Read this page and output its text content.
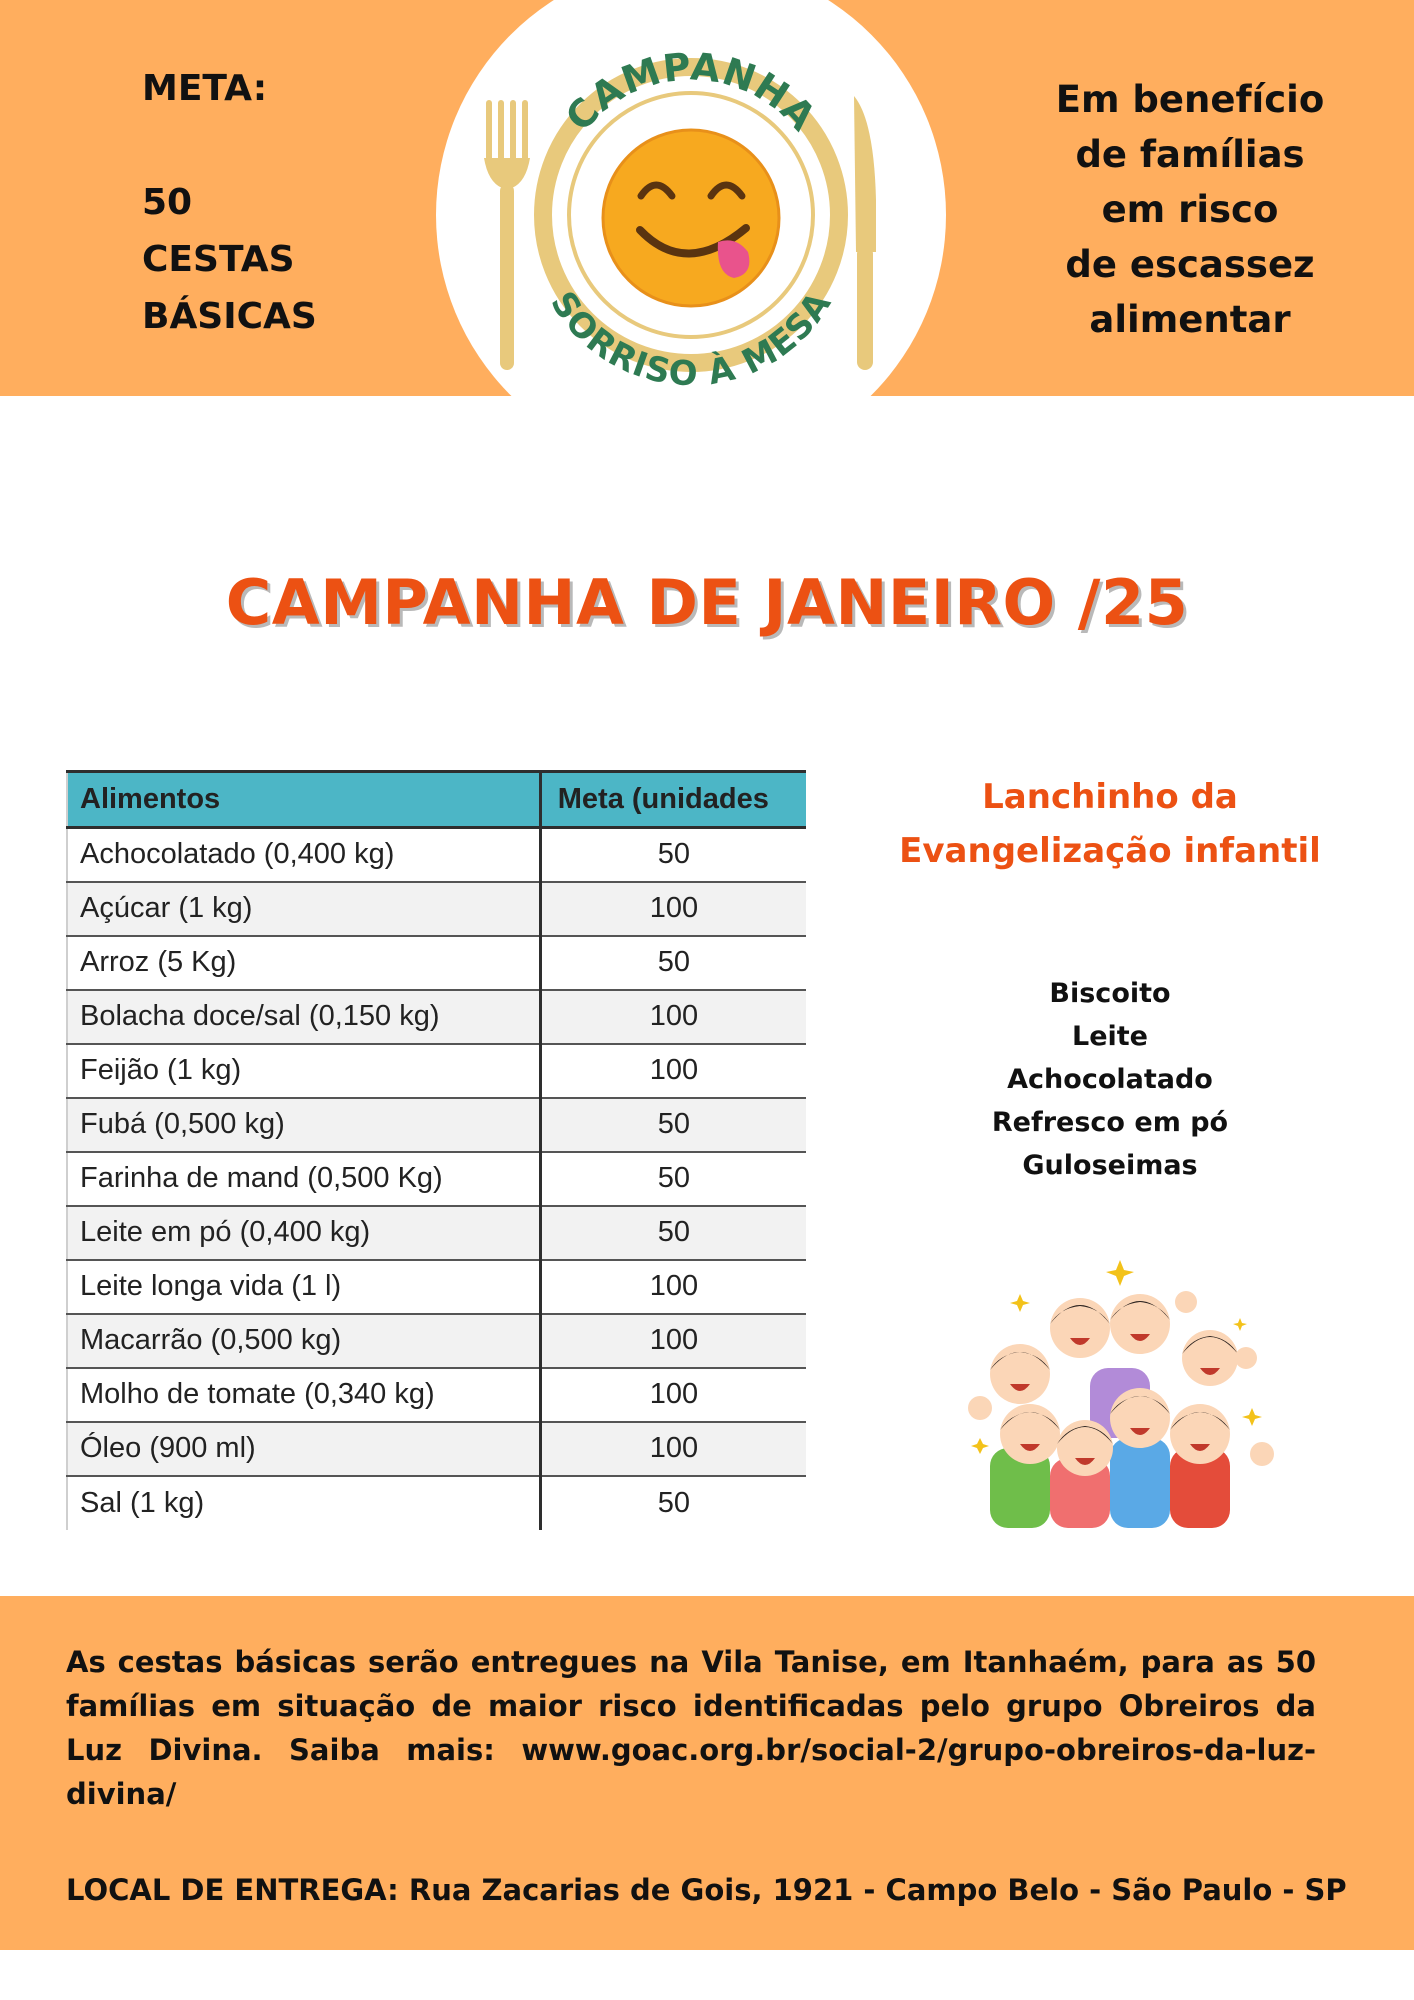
META:
50
CESTAS
BÁSICAS
Em benefício
de famílias
em risco
de escassez
alimentar
CAMPANHA
SORRISO À MESA
CAMPANHA DE JANEIRO /25
Alimentos	Meta (unidades
Achocolatado (0,400 kg)	50
Açúcar (1 kg)	100
Arroz (5 Kg)	50
Bolacha doce/sal (0,150 kg)	100
Feijão (1 kg)	100
Fubá (0,500 kg)	50
Farinha de mand (0,500 Kg)	50
Leite em pó (0,400 kg)	50
Leite longa vida (1 l)	100
Macarrão (0,500 kg)	100
Molho de tomate (0,340 kg)	100
Óleo (900 ml)	100
Sal (1 kg)	50
Lanchinho da
Evangelização infantil
Biscoito
Leite
Achocolatado
Refresco em pó
Guloseimas
As cestas básicas serão entregues na Vila Tanise, em Itanhaém, para as 50 famílias em situação de maior risco identificadas pelo grupo Obreiros da Luz Divina. Saiba mais: www.goac.org.br/social-2/grupo-obreiros-da-luz-divina/
LOCAL DE ENTREGA: Rua Zacarias de Gois, 1921 - Campo Belo - São Paulo - SP
